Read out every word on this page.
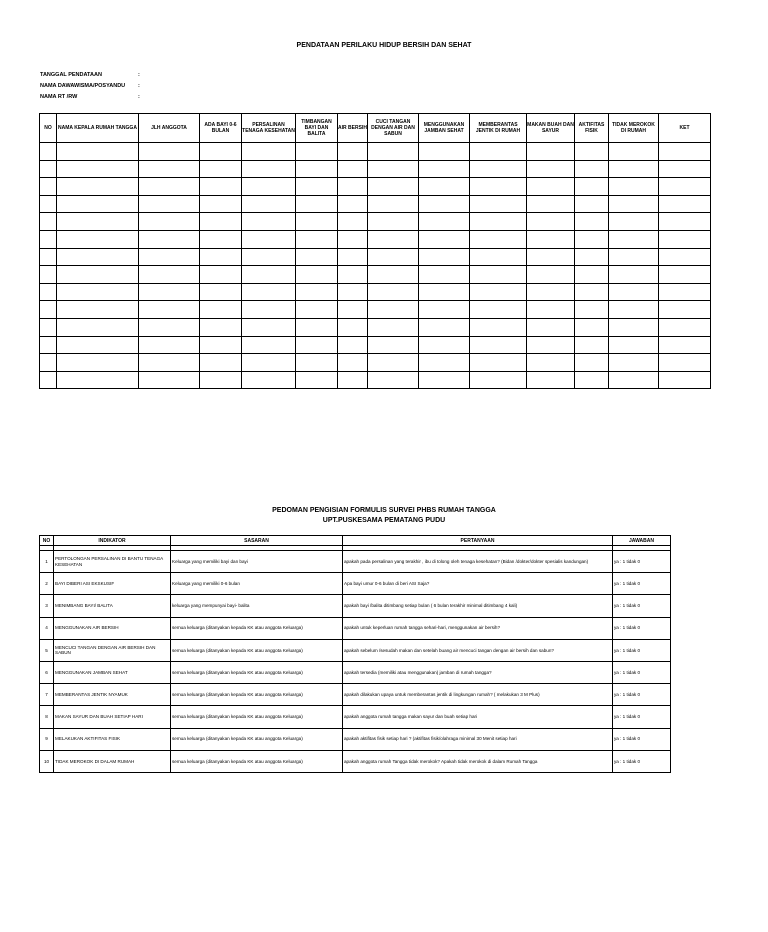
PENDATAAN PERILAKU HIDUP BERSIH DAN SEHAT
TANGGAL PENDATAAN	:
NAMA DAWAWISMA/POSYANDU :
NAMA RT /RW	:
NO	NAMA KEPALA RUMAH TANGGA	JLH ANGGOTA	ADA BAYI 0-6 BULAN	PERSALINAN TENAGA KESEHATAN	TIMBANGAN BAYI DAN BALITA	AIR BERSIH	CUCI TANGAN DENGAN AIR DAN SABUN	MENGGUNAKAN JAMBAN SEHAT	MEMBERANTAS JENTIK DI RUMAH	MAKAN BUAH DAN SAYUR	AKTIFITAS FISIK	TIDAK MEROKOK DI RUMAH	KET

PEDOMAN PENGISIAN FORMULIS SURVEI PHBS RUMAH TANGGA
UPT.PUSKESAMA PEMATANG PUDU
NO	INDIKATOR	SASARAN	PERTANYAAN	JAWABAN

1	PERTOLONGAN PERSALINAN DI BANTU TENAGA KESEHATAN	Keluarga yang memiliki bayi dan bayi	apakah pada persalinan yang terakhir , ibu di tolong oleh tenaga kesehatan? (Bidan /dokter/dokter spesialis kandungan)	ya : 1 tidak 0
2	BAYI DIBERI ASI EKSKUSIF	Keluarga yang memiliki 0-6 bulan	Apa bayi umur 0-6 bulan di beri ASI Saja?	ya : 1 tidak 0
3	MENIMBANG BAYI/ BALITA	keluarga yang mempunyai bayi- balita	apakah bayi /balita ditimbang setiap bulan ( 6 bulan terakhir minimal ditimbang 4 kali)	ya : 1 tidak 0
4	MENGGUNAKAN AIR BERSIH	semua keluarga (ditanyakan kepada KK atau anggota Keluarga)	apakah untuk keperluan rumah tangga sehari-hari, menggunakan air bersih?	ya : 1 tidak 0
5	MENCUCI TANGAN DENGAN AIR BERSIH DAN SABUN	semua keluarga (ditanyakan kepada KK atau anggota Keluarga)	apakah sebelum /sesudah makan dan setelah buang air mencuci tangan dengan air bersih dan sabun?	ya : 1 tidak 0
6	MENGGUNAKAN JAMBAN SEHAT	semua keluarga (ditanyakan kepada KK atau anggota Keluarga)	apakah tersedia (memiliki atau menggunakan) jamban di rumah tangga?	ya : 1 tidak 0
7	MEMBERANTAS JENTIK NYAMUK	semua keluarga (ditanyakan kepada KK atau anggota Keluarga)	apakah dilakukan upaya untuk memberantas jentik di lingkungan rumah? ( melakukan 3 M Plus)	ya : 1 tidak 0
8	MAKAN SAYUR DAN BUAH SETIAP HARI	semua keluarga (ditanyakan kepada KK atau anggota Keluarga)	apakah anggota rumah tangga makan sayur dan buah setiap hari	ya : 1 tidak 0
9	MELAKUKAN AKTIFITAS FISIK	semua keluarga (ditanyakan kepada KK atau anggota Keluarga)	apakah aktifitas fisik setiap hari ? (aktifitas fisik/olahraga minimal 30 Menit setiap hari	ya : 1 tidak 0
10	TIDAK MEROKOK DI DALAM RUMAH	semua keluarga (ditanyakan kepada KK atau anggota Keluarga)	apakah anggota rumah Tangga tidak merokok? Apakah tidak merokok di dalam Rumah Tangga	ya : 1 tidak 0
